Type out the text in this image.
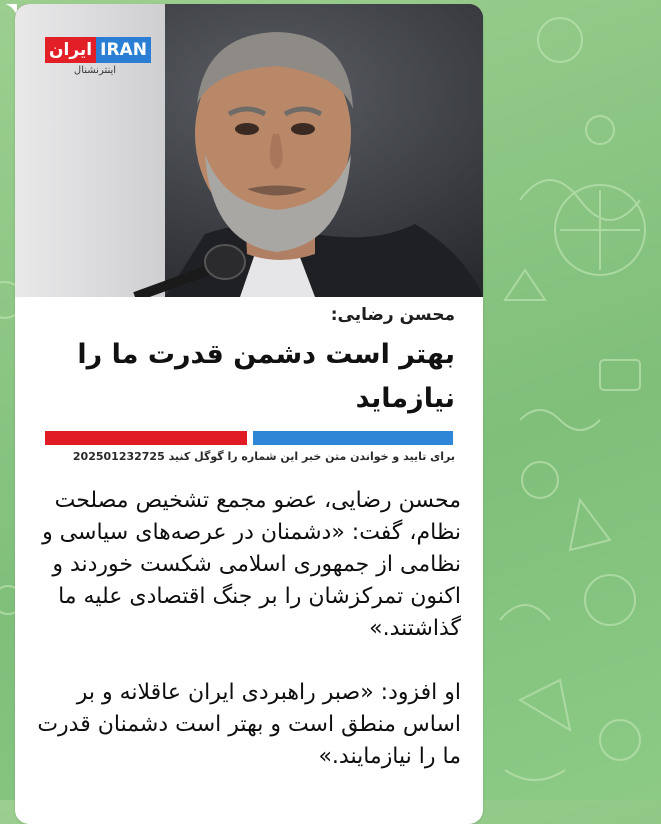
ایران IRAN
اینترنشنال
محسن رضایی:
بهتر است دشمن قدرت ما را نیازماید
برای تایید و خواندن متن خبر این شماره را گوگل کنید 202501232725

محسن رضایی، عضو مجمع تشخیص مصلحت نظام، گفت: «دشمنان در عرصه‌های سیاسی و نظامی از جمهوری اسلامی شکست خوردند و اکنون تمرکزشان را بر جنگ اقتصادی علیه ما گذاشتند.»

او افزود: «صبر راهبردی ایران عاقلانه و بر اساس منطق است و بهتر است دشمنان قدرت ما را نیازمایند.»
